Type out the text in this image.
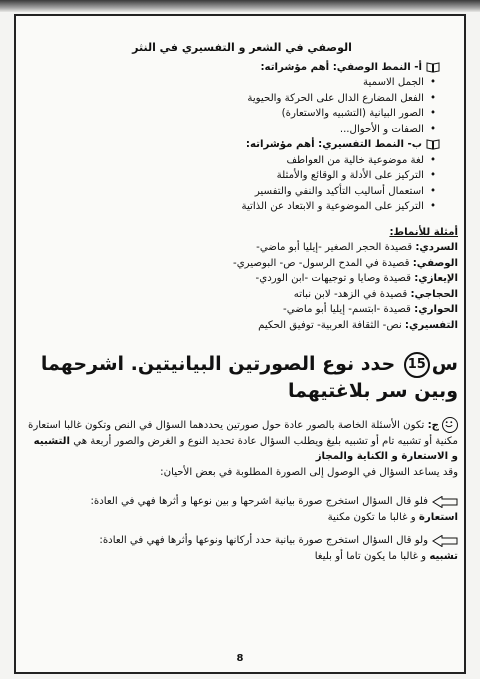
الوصفي في الشعر و التفسيري في النثر
أ- النمط الوصفي: أهم مؤشراته:
•
الجمل الاسمية
•
الفعل المضارع الدال على الحركة والحيوية
•
الصور البيانية (التشبيه والاستعارة)
•
الصفات و الأحوال...
ب- النمط التفسيري: أهم مؤشراته:
•
لغة موضوعية خالية من العواطف
•
التركيز على الأدلة و الوقائع والأمثلة
•
استعمال أساليب التأكيد والنفي والتفسير
•
التركيز على الموضوعية و الابتعاد عن الذاتية
أمثلة للأنماط:
السردي: قصيدة الحجر الصغير -إيليا أبو ماضي-
الوصفي: قصيدة في المدح الرسول- ص- البوصيري-
الإيعازي: قصيدة وصايا و توجيهات -ابن الوردي-
الحجاجي: قصيدة في الزهد- لابن نباته
الحواري: قصيدة -ابتسم- إيليا أبو ماضي-
التفسيري: نص- الثقافة العربية- توفيق الحكيم
س15 حدد نوع الصورتين البيانيتين. اشرحهما وبين سر بلاغتيهما
ج: تكون الأسئلة الخاصة بالصور عادة حول صورتين يحددهما السؤال في النص وتكون غالبا استعارة مكنية أو تشبيه تام أو تشبيه بليغ ويطلب السؤال عادة تحديد النوع و الغرض والصور أربعة هي التشبيه و الاستعارة و الكناية والمجاز
وقد يساعد السؤال في الوصول إلى الصورة المطلوبة في بعض الأحيان:
فلو قال السؤال استخرج صورة بيانية اشرحها و بين نوعها و أثرها فهي في العادة:
استعارة و غالبا ما تكون مكنية
ولو قال السؤال استخرج صورة بيانية حدد أركانها ونوعها وأثرها فهي في العادة:
تشبيه و غالبا ما يكون تاما أو بليغا
8
